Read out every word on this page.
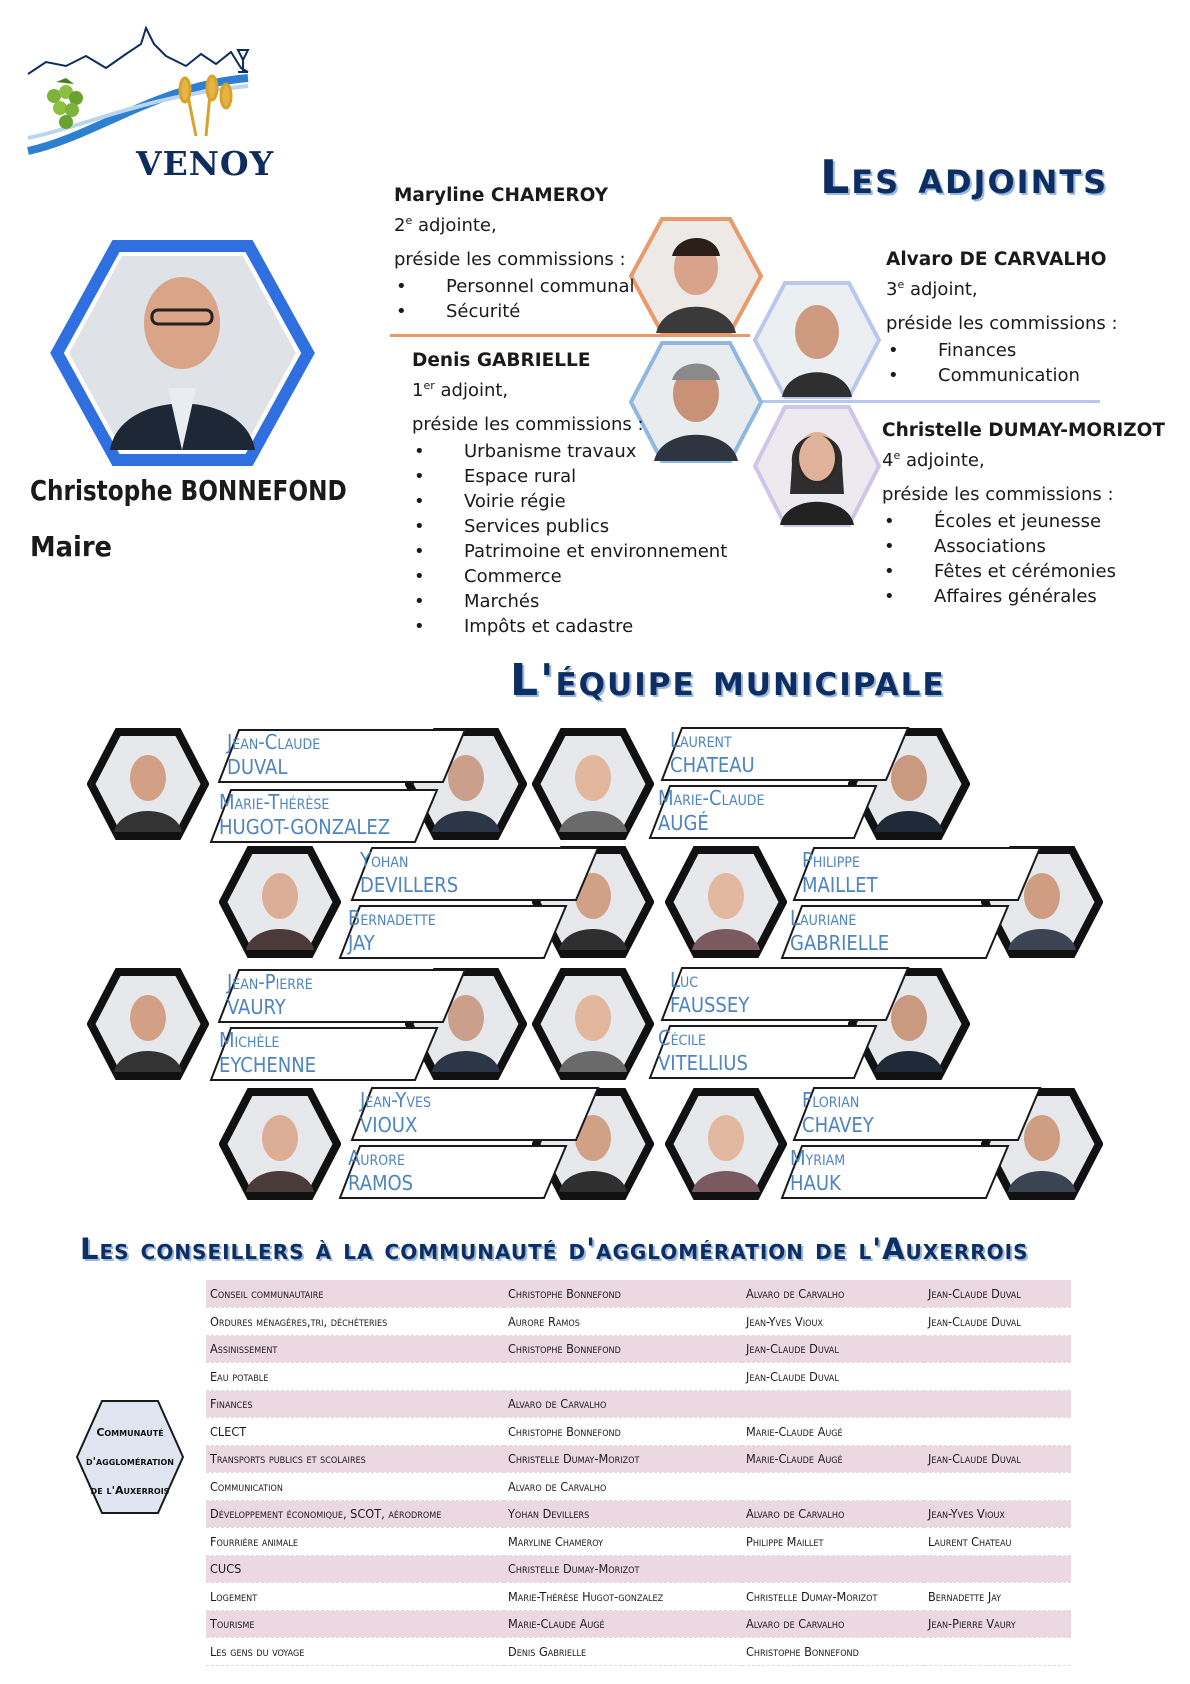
VENOY
Christophe BONNEFOND
Maire
Les adjoints
Maryline CHAMEROY
2e adjointe,
préside les commissions :
• Personnel communal
• Sécurité
Denis GABRIELLE
1er adjoint,
préside les commissions :
• Urbanisme travaux
• Espace rural
• Voirie régie
• Services publics
• Patrimoine et environnement
• Commerce
• Marchés
• Impôts et cadastre
Alvaro DE CARVALHO
3e adjoint,
préside les commissions :
• Finances
• Communication
Christelle DUMAY-MORIZOT
4e adjointe,
préside les commissions :
• Écoles et jeunesse
• Associations
• Fêtes et cérémonies
• Affaires générales
L'équipe municipale
Jean-Claude
DUVAL
Marie-Thérèse
HUGOT-GONZALEZ
Laurent
CHATEAU
Marie-Claude
AUGÉ
Yohan
DEVILLERS
Bernadette
JAY
Philippe
MAILLET
Lauriane
GABRIELLE
Jean-Pierre
VAURY
Michèle
EYCHENNE
Luc
FAUSSEY
Cécile
VITELLIUS
Jean-Yves
VIOUX
Aurore
RAMOS
Florian
CHAVEY
Myriam
HAUK
Les conseillers à la communauté d'agglomération de l'Auxerrois
Communauté
d'agglomération
de l'Auxerrois
Conseil communautaire	Christophe Bonnefond	Alvaro de Carvalho	Jean-Claude Duval
Ordures ménagères,tri, déchèteries	Aurore Ramos	Jean-Yves Vioux	Jean-Claude Duval
Assinissement	Christophe Bonnefond	Jean-Claude Duval	
Eau potable		Jean-Claude Duval	
Finances	Alvaro de Carvalho		
CLECT	Christophe Bonnefond	Marie-Claude Augé	
Transports publics et scolaires	Christelle Dumay-Morizot	Marie-Claude Augé	Jean-Claude Duval
Communication	Alvaro de Carvalho		
Développement économique, SCOT, aérodrome	Yohan Devillers	Alvaro de Carvalho	Jean-Yves Vioux
Fourrière animale	Maryline Chameroy	Philippe Maillet	Laurent Chateau
CUCS	Christelle Dumay-Morizot		
Logement	Marie-Thérèse Hugot-gonzalez	Christelle Dumay-Morizot	Bernadette Jay
Tourisme	Marie-Claude Augé	Alvaro de Carvalho	Jean-Pierre Vaury
Les gens du voyage	Denis Gabrielle	Christophe Bonnefond	
